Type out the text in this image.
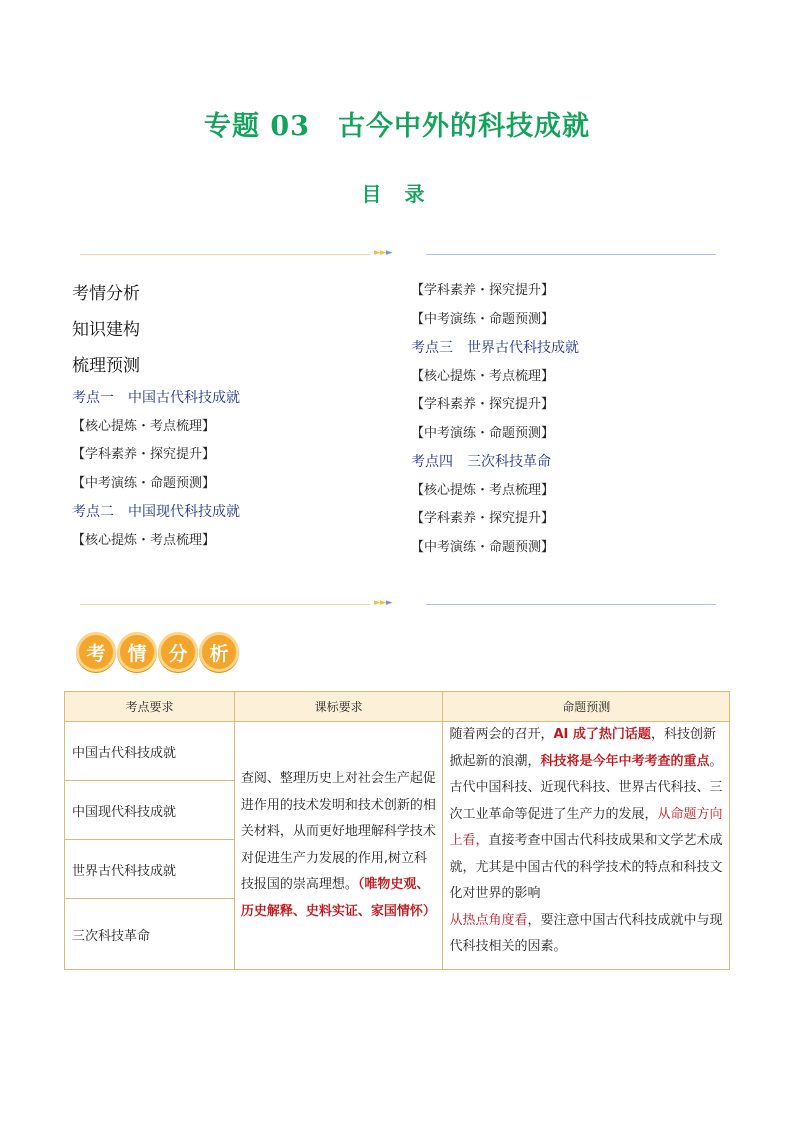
专题 03　古今中外的科技成就
目 录
►►►
考情分析
知识建构
梳理预测
考点一 中国古代科技成就
【核心提炼・考点梳理】
【学科素养・探究提升】
【中考演练・命题预测】
考点二 中国现代科技成就
【核心提炼・考点梳理】
【学科素养・探究提升】
【中考演练・命题预测】
考点三 世界古代科技成就
【核心提炼・考点梳理】
【学科素养・探究提升】
【中考演练・命题预测】
考点四 三次科技革命
【核心提炼・考点梳理】
【学科素养・探究提升】
【中考演练・命题预测】
►►►
考	情	分	析
考点要求	课标要求	命题预测
中国古代科技成就	查阅、整理历史上对社会生产起促进作用的技术发明和技术创新的相关材料，从而更好地理解科学技术对促进生产力发展的作用,树立科技报国的崇高理想。（唯物史观、历史解释、史料实证、家国情怀）	随着两会的召开，AI 成了热门话题，科技创新掀起新的浪潮，科技将是今年中考考查的重点。古代中国科技、近现代科技、世界古代科技、三次工业革命等促进了生产力的发展，从命题方向上看，直接考查中国古代科技成果和文学艺术成就，尤其是中国古代的科学技术的特点和科技文化对世界的影响
从热点角度看，要注意中国古代科技成就中与现代科技相关的因素。
中国现代科技成就		
世界古代科技成就		
三次科技革命		
